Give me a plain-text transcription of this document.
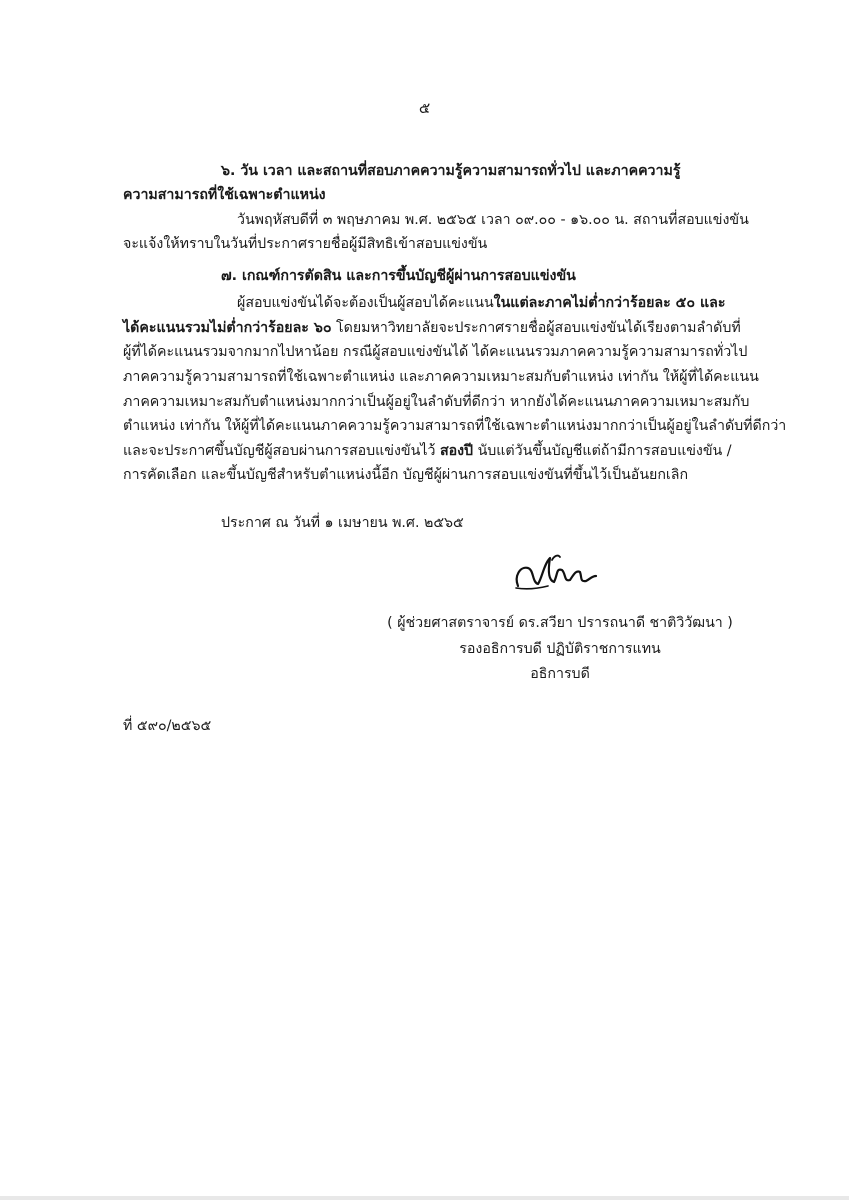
๕
๖. วัน เวลา และสถานที่สอบภาคความรู้ความสามารถทั่วไป และภาคความรู้
ความสามารถที่ใช้เฉพาะตำแหน่ง
วันพฤหัสบดีที่ ๓ พฤษภาคม พ.ศ. ๒๕๖๕ เวลา ๐๙.๐๐ - ๑๖.๐๐ น. สถานที่สอบแข่งขัน
จะแจ้งให้ทราบในวันที่ประกาศรายชื่อผู้มีสิทธิเข้าสอบแข่งขัน
๗. เกณฑ์การตัดสิน และการขึ้นบัญชีผู้ผ่านการสอบแข่งขัน
ผู้สอบแข่งขันได้จะต้องเป็นผู้สอบได้คะแนนในแต่ละภาคไม่ต่ำกว่าร้อยละ ๕๐ และ
ได้คะแนนรวมไม่ต่ำกว่าร้อยละ ๖๐ โดยมหาวิทยาลัยจะประกาศรายชื่อผู้สอบแข่งขันได้เรียงตามลำดับที่
ผู้ที่ได้คะแนนรวมจากมากไปหาน้อย กรณีผู้สอบแข่งขันได้ ได้คะแนนรวมภาคความรู้ความสามารถทั่วไป
ภาคความรู้ความสามารถที่ใช้เฉพาะตำแหน่ง และภาคความเหมาะสมกับตำแหน่ง เท่ากัน ให้ผู้ที่ได้คะแนน
ภาคความเหมาะสมกับตำแหน่งมากกว่าเป็นผู้อยู่ในลำดับที่ดีกว่า หากยังได้คะแนนภาคความเหมาะสมกับ
ตำแหน่ง เท่ากัน ให้ผู้ที่ได้คะแนนภาคความรู้ความสามารถที่ใช้เฉพาะตำแหน่งมากกว่าเป็นผู้อยู่ในลำดับที่ดีกว่า
และจะประกาศขึ้นบัญชีผู้สอบผ่านการสอบแข่งขันไว้ สองปี นับแต่วันขึ้นบัญชีแต่ถ้ามีการสอบแข่งขัน /
การคัดเลือก และขึ้นบัญชีสำหรับตำแหน่งนี้อีก บัญชีผู้ผ่านการสอบแข่งขันที่ขึ้นไว้เป็นอันยกเลิก
ประกาศ ณ วันที่ ๑ เมษายน พ.ศ. ๒๕๖๕
( ผู้ช่วยศาสตราจารย์ ดร.สวียา ปรารถนาดี ชาติวิวัฒนา )
รองอธิการบดี ปฏิบัติราชการแทน
อธิการบดี
ที่ ๕๙๐/๒๕๖๕
